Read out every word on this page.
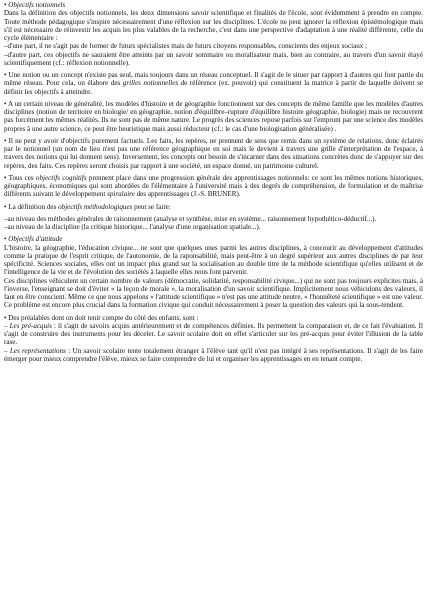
• Objectifs notionnels

Dans la définition des objectifs notionnels, les deux dimensions savoir scientifique et finalités de l'école, sont évidemment à prendre en compte. Toute méthode pédagogique s'inspire nécessairement d'une réflexion sur les disciplines. L'école ne peut ignorer la réflexion épistémologique mais s'il est nécessaire de réinvestir les acquis les plus valables de la recherche, c'est dans une perspective d'adaptation à une réalité différente, celle du cycle élémentaire :

–d'une part, il ne s'agit pas de former de futurs spécialistes mais de futurs citoyens responsables, conscients des enjeux sociaux ;

–d'autre part, ces objectifs ne sauraient être atteints par un savoir sommaire ou moralisateur mais, bien au contraire, au travers d'un savoir étayé scientifiquement (cf.: réflexion notionnelle).

• Une notion ou un concept n'existe pas seul, mais toujours dans un réseau conceptuel. Il s'agit de le situer par rapport à d'autres qui font partie du même réseau. Pour cela, on élabore des grilles notionnelles de référence (ex. pouvoir) qui constituent la matrice à partir de laquelle doivent se définir les objectifs à atteindre.

• A un certain niveau de généralité, les modèles d'histoire et de géographie fonctionnent sur des concepts de même famille que les modèles d'autres disciplines (notion de territoire en biologie/ en géographie, notion d'équilibre–rupture d'équilibre histoire géographie, biologie) mais ne recouvrent pas forcément les mêmes réalités. Ils ne sont pas de même nature. Le progrès des sciences repose parfois sur l'emprunt par une science des modèles propres à une autre science, ce peut être heuristique mais aussi réducteur (cf.: le cas d'une biologisation généralisée) .

• Il ne peut y avoir d'objectifs purement factuels. Les faits, les repères, ne prennent de sens que remis dans un système de relations, donc éclairés par le notionnel (un nom de lieu n'est pas une référence géographique en soi mais le devient à travers une grille d'interprétation de l'espace, à travers des notions qui lui donnent sens). Inversement, les concepts ont besoin de s'incarner dans des situations concrètes donc de s'appuyer sur des repères, des faits. Ces repères seront choisis par rapport à une société, un espace donné, un patrimoine culturel.

• Tous ces objectifs cognitifs prennent place dans une progression générale des apprentissages notionnels: ce sont les mêmes notions historiques, géographiques, économiques qui sont abordées de l'élémentaire à l'université mais à des degrés de compréhension, de formulation et de maîtrise différents suivant le développement spiralaire des apprentissages (J.-S. BRUNER).

• La définition des objectifs méthodologiques peut se faire:

–au niveau des méthodes générales de raisonnement (analyse et synthèse, mise en système... raisonnement hypothético-déductif...).

–au niveau de la discipline (la critique historique... l'analyse d'une organisation spatiale...).

• Objectifs d'attitude

L'histoire, la géographie, l'éducation civique... ne sont que quelques unes parmi les autres disciplines, à concourir au développement d'attitudes comme la pratique de l'esprit critique, de l'autonomie, de la raponsabilité, mais peut-être à un degré supérieur aux autres disciplines de par leur spécificité. Sciences sociales, elles ont un impact plus grand sur la socialisation au double titre de la méthode scientifique qu'elles utilisent et de l'intelligence de la vie et de l'évolution des sociétés à laquelle elles nous font parvenir.

Ces disciplines véhiculent un certain nombre de valeurs (démocratie, solidarité, responsabilité civique...) qui ne sont pas toujours explicites mais, à l'inverse, l'enseignant se doit d'éviter « la leçon de morale », la moralisation d'un savoir scientifique. Implicitement nous véhiculons des valeurs, il faut en être conscient. Même ce que nous appelons « l'attitude scientifique » n'est pas une attitude neutre, « l'honnêteté scientifique » est une valeur. Ce problème est encore plus crucial dans la formation civique qui conduit nécessairement à poser la question des valeurs qui la sous-tendent.

• Des préalables dont on doit tenir compte du côté des enfants, sont :

– Les pré-acquis : il s'agit de savoirs acquis antérieurement et de compétences définies. Ils permettent la comparaison et, de ce fait l'évaluation. Il s'agit de construire des instruments pour les déceler. Le savoir scolaire doit en effet s'articuler sur les pré-acquis pour éviter l'illusion de la table rase.

– Les représentations : Un savoir scolaire tente totalement étranger à l'élève tant qu'il n'est pas intégré à ses représentations. Il s'agit de les faire émerger pour mieux comprendre l'élève, mieux se faire comprendre de lui et organiser les apprentissages en en tenant compte.
